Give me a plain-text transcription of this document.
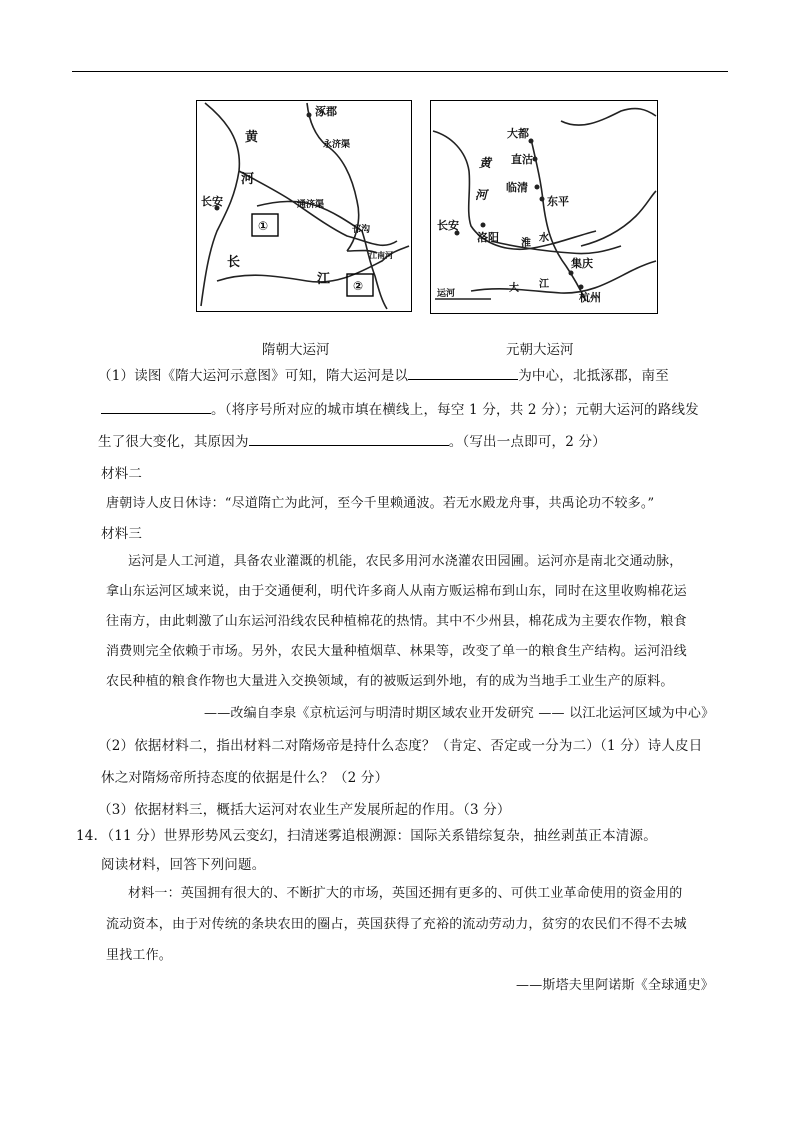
涿郡
永济渠
黄
河
长安	通济渠
邗沟
江南河
长
江
①
②
大都
直沽
临清
东平
长安
洛阳
黄
河
淮 水
集庆
杭州
大 江
运河
隋朝大运河	元朝大运河
（1）读图《隋大运河示意图》可知，隋大运河是以	为中心，北抵涿郡，南至
。（将序号所对应的城市填在横线上，每空 1 分，共 2 分）；元朝大运河的路线发
生了很大变化，其原因为	。（写出一点即可，2 分）
材料二
唐朝诗人皮日休诗：“尽道隋亡为此河，至今千里赖通波。若无水殿龙舟事，共禹论功不较多。”
材料三
运河是人工河道，具备农业灌溉的机能，农民多用河水浇灌农田园圃。运河亦是南北交通动脉，
拿山东运河区域来说，由于交通便利，明代许多商人从南方贩运棉布到山东，同时在这里收购棉花运
往南方，由此刺激了山东运河沿线农民种植棉花的热情。其中不少州县，棉花成为主要农作物，粮食
消费则完全依赖于市场。另外，农民大量种植烟草、林果等，改变了单一的粮食生产结构。运河沿线
农民种植的粮食作物也大量进入交换领域，有的被贩运到外地，有的成为当地手工业生产的原料。
——改编自李泉《京杭运河与明清时期区域农业开发研究 —— 以江北运河区域为中心》
（2）依据材料二，指出材料二对隋炀帝是持什么态度？（肯定、否定或一分为二）（1 分）诗人皮日
休之对隋炀帝所持态度的依据是什么？（2 分）
（3）依据材料三，概括大运河对农业生产发展所起的作用。（3 分）
14．（11 分）世界形势风云变幻，扫清迷雾追根溯源：国际关系错综复杂，抽丝剥茧正本清源。
阅读材料，回答下列问题。
材料一：英国拥有很大的、不断扩大的市场，英国还拥有更多的、可供工业革命使用的资金用的
流动资本，由于对传统的条块农田的圈占，英国获得了充裕的流动劳动力，贫穷的农民们不得不去城
里找工作。
——斯塔夫里阿诺斯《全球通史》
